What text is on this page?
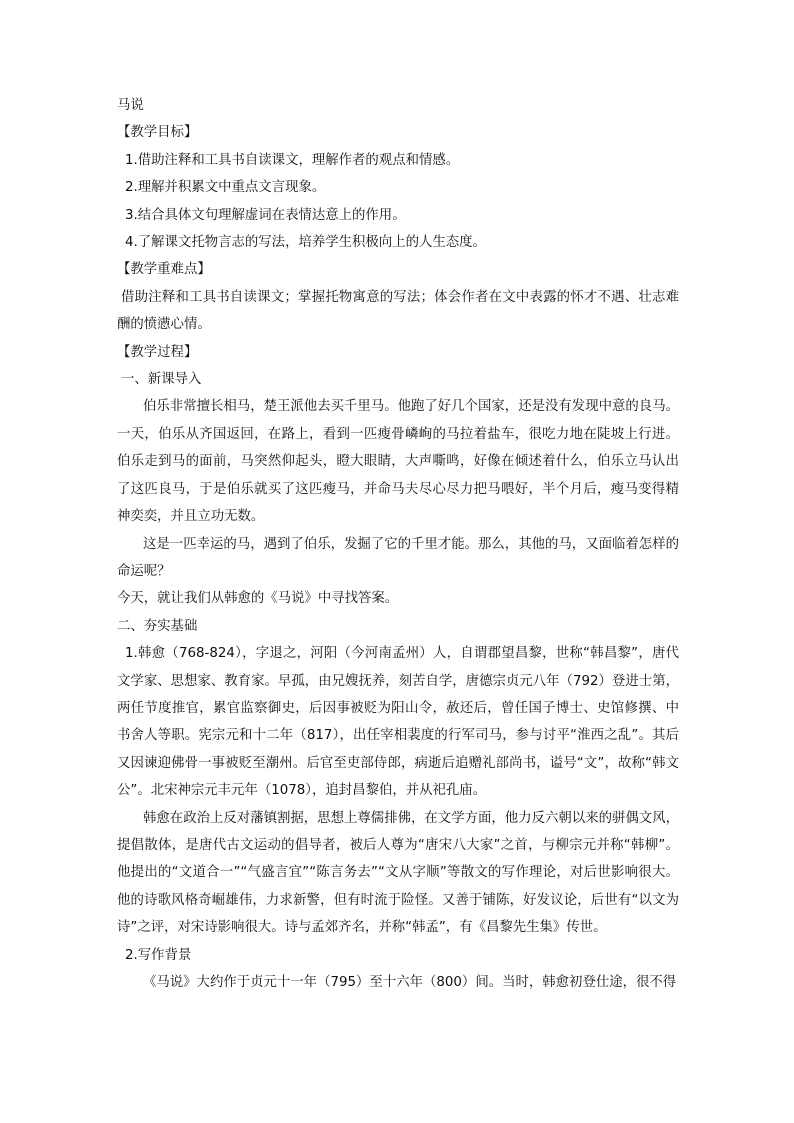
马说

【教学目标】

1.借助注释和工具书自读课文，理解作者的观点和情感。

2.理解并积累文中重点文言现象。

3.结合具体文句理解虚词在表情达意上的作用。

4.了解课文托物言志的写法，培养学生积极向上的人生态度。

【教学重难点】

借助注释和工具书自读课文；掌握托物寓意的写法；体会作者在文中表露的怀才不遇、壮志难酬的愤懑心情。

【教学过程】

一、新课导入

伯乐非常擅长相马，楚王派他去买千里马。他跑了好几个国家，还是没有发现中意的良马。一天，伯乐从齐国返回，在路上，看到一匹瘦骨嶙峋的马拉着盐车，很吃力地在陡坡上行进。伯乐走到马的面前，马突然仰起头，瞪大眼睛，大声嘶鸣，好像在倾述着什么，伯乐立马认出了这匹良马，于是伯乐就买了这匹瘦马，并命马夫尽心尽力把马喂好，半个月后，瘦马变得精神奕奕，并且立功无数。

这是一匹幸运的马，遇到了伯乐，发掘了它的千里才能。那么，其他的马，又面临着怎样的命运呢？

今天，就让我们从韩愈的《马说》中寻找答案。

二、夯实基础

1.韩愈（768-824），字退之，河阳（今河南孟州）人，自谓郡望昌黎，世称“韩昌黎”，唐代文学家、思想家、教育家。早孤，由兄嫂抚养，刻苦自学，唐德宗贞元八年（792）登进士第，两任节度推官，累官监察御史，后因事被贬为阳山令，赦还后，曾任国子博士、史馆修撰、中书舍人等职。宪宗元和十二年（817），出任宰相裴度的行军司马，参与讨平“淮西之乱”。其后又因谏迎佛骨一事被贬至潮州。后官至吏部侍郎，病逝后追赠礼部尚书，谥号“文”，故称“韩文公”。北宋神宗元丰元年（1078），追封昌黎伯，并从祀孔庙。

韩愈在政治上反对藩镇割据，思想上尊儒排佛，在文学方面，他力反六朝以来的骈偶文风，提倡散体，是唐代古文运动的倡导者，被后人尊为“唐宋八大家”之首，与柳宗元并称“韩柳”。他提出的“文道合一”“气盛言宜”“陈言务去”“文从字顺”等散文的写作理论，对后世影响很大。他的诗歌风格奇崛雄伟，力求新警，但有时流于险怪。又善于铺陈，好发议论，后世有“以文为诗”之评，对宋诗影响很大。诗与孟郊齐名，并称“韩孟”，有《昌黎先生集》传世。

2.写作背景

《马说》大约作于贞元十一年（795）至十六年（800）间。当时，韩愈初登仕途，很不得
